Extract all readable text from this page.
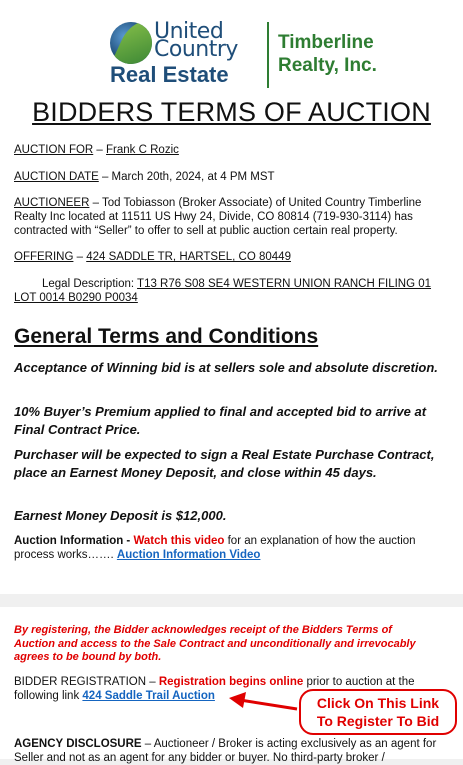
United
Country
Real Estate
Timberline
Realty, Inc.
BIDDERS TERMS OF AUCTION

AUCTION FOR – Frank C Rozic

AUCTION DATE – March 20th, 2024, at 4 PM MST

AUCTIONEER – Tod Tobiasson (Broker Associate) of United Country Timberline Realty Inc located at 11511 US Hwy 24, Divide, CO 80814 (719-930-3114) has contracted with “Seller” to offer to sell at public auction certain real property.

OFFERING – 424 SADDLE TR, HARTSEL, CO 80449

Legal Description: T13 R76 S08 SE4 WESTERN UNION RANCH FILING 01 LOT 0014 B0290 P0034

General Terms and Conditions

Acceptance of Winning bid is at sellers sole and absolute discretion.

10% Buyer’s Premium applied to final and accepted bid to arrive at Final Contract Price.

Purchaser will be expected to sign a Real Estate Purchase Contract, place an Earnest Money Deposit, and close within 45 days.

Earnest Money Deposit is $12,000.

Auction Information - Watch this video for an explanation of how the auction process works……. Auction Information Video

By registering, the Bidder acknowledges receipt of the Bidders Terms of Auction and access to the Sale Contract and unconditionally and irrevocably agrees to be bound by both.

BIDDER REGISTRATION – Registration begins online prior to auction at the following link 424 Saddle Trail Auction

AGENCY DISCLOSURE – Auctioneer / Broker is acting exclusively as an agent for Seller and not as an agent for any bidder or buyer. No third-party broker /

Click On This Link
To Register To Bid
